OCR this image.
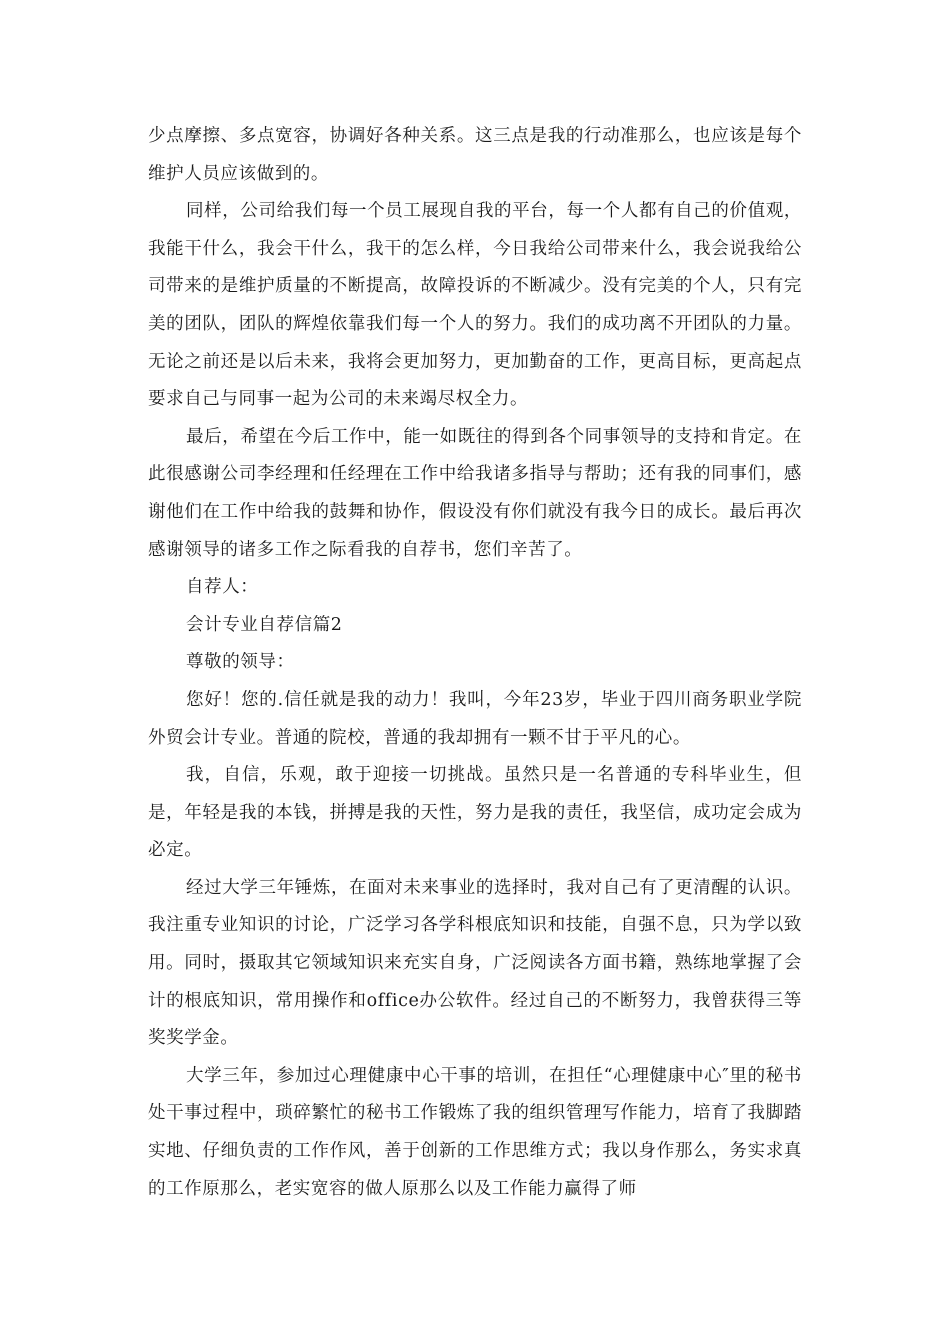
少点摩擦、多点宽容，协调好各种关系。这三点是我的行动准那么，也应该是每个维护人员应该做到的。

同样，公司给我们每一个员工展现自我的平台，每一个人都有自己的价值观，我能干什么，我会干什么，我干的怎么样，今日我给公司带来什么，我会说我给公司带来的是维护质量的不断提高，故障投诉的不断减少。没有完美的个人，只有完美的团队，团队的辉煌依靠我们每一个人的努力。我们的成功离不开团队的力量。无论之前还是以后未来，我将会更加努力，更加勤奋的工作，更高目标，更高起点要求自己与同事一起为公司的未来竭尽权全力。

最后，希望在今后工作中，能一如既往的得到各个同事领导的支持和肯定。在此很感谢公司李经理和任经理在工作中给我诸多指导与帮助；还有我的同事们，感谢他们在工作中给我的鼓舞和协作，假设没有你们就没有我今日的成长。最后再次感谢领导的诸多工作之际看我的自荐书，您们辛苦了。

自荐人：

会计专业自荐信篇2

尊敬的领导：

您好！您的.信任就是我的动力！我叫，今年23岁，毕业于四川商务职业学院外贸会计专业。普通的院校，普通的我却拥有一颗不甘于平凡的心。

我，自信，乐观，敢于迎接一切挑战。虽然只是一名普通的专科毕业生，但是，年轻是我的本钱，拼搏是我的天性，努力是我的责任，我坚信，成功定会成为必定。

经过大学三年锤炼，在面对未来事业的选择时，我对自己有了更清醒的认识。我注重专业知识的讨论，广泛学习各学科根底知识和技能，自强不息，只为学以致用。同时，摄取其它领域知识来充实自身，广泛阅读各方面书籍，熟练地掌握了会计的根底知识，常用操作和office办公软件。经过自己的不断努力，我曾获得三等奖奖学金。

大学三年，参加过心理健康中心干事的培训，在担任“心理健康中心″里的秘书处干事过程中，琐碎繁忙的秘书工作锻炼了我的组织管理写作能力，培育了我脚踏实地、仔细负责的工作作风，善于创新的工作思维方式；我以身作那么，务实求真的工作原那么，老实宽容的做人原那么以及工作能力赢得了师
